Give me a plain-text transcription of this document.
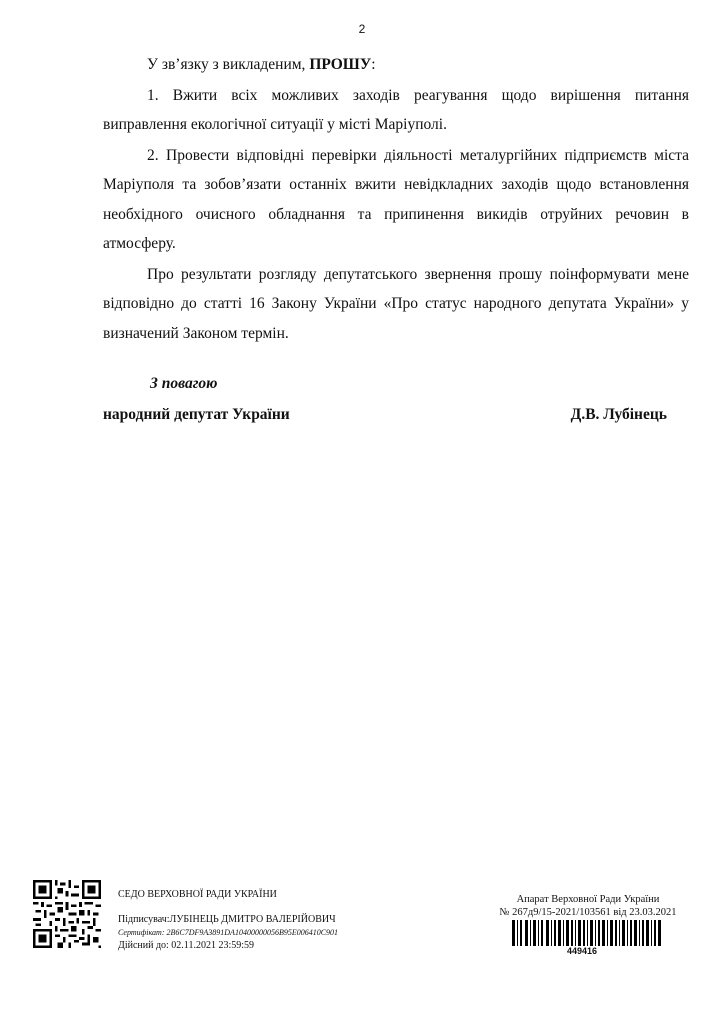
2

У зв’язку з викладеним, ПРОШУ:

1. Вжити всіх можливих заходів реагування щодо вирішення питання виправлення екологічної ситуації у місті Маріуполі.

2. Провести відповідні перевірки діяльності металургійних підприємств міста Маріуполя та зобов’язати останніх вжити невідкладних заходів щодо встановлення необхідного очисного обладнання та припинення викидів отруйних речовин в атмосферу.

Про результати розгляду депутатського звернення прошу поінформувати мене відповідно до статті 16 Закону України «Про статус народного депутата України» у визначений Законом термін.

З повагою
народний депутат України	Д.В. Лубінець
СЕДО ВЕРХОВНОЇ РАДИ УКРАЇНИ
Підписувач:ЛУБІНЕЦЬ ДМИТРО ВАЛЕРІЙОВИЧ
Сертифікат: 2B6C7DF9A3891DA10400000056B95E006410C901
Дійсний до: 02.11.2021 23:59:59
Апарат Верховної Ради України
№ 267д9/15-2021/103561 від 23.03.2021
449416
